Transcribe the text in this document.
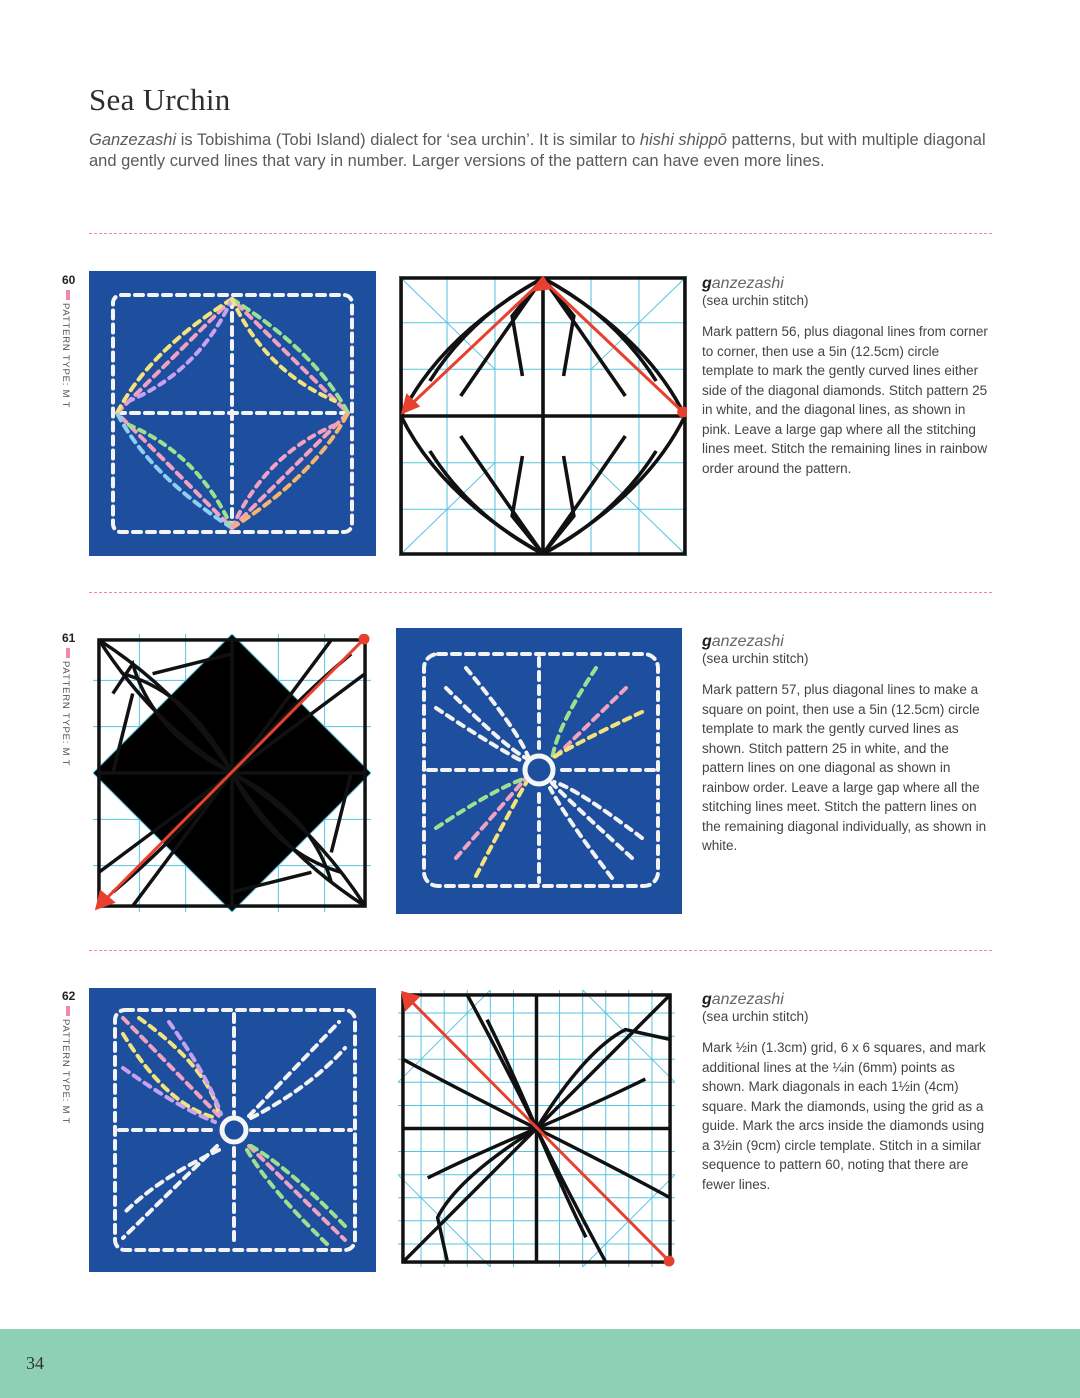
Sea Urchin

Ganzezashi is Tobishima (Tobi Island) dialect for ‘sea urchin’. It is similar to hishi shippō patterns, but with multiple diagonal and gently curved lines that vary in number. Larger versions of the pattern can have even more lines.

60
PATTERN TYPE: M T

ganzezashi

(sea urchin stitch)

Mark pattern 56, plus diagonal lines from corner to corner, then use a 5in (12.5cm) circle template to mark the gently curved lines either side of the diagonal diamonds. Stitch pattern 25 in white, and the diagonal lines, as shown in pink. Leave a large gap where all the stitching lines meet. Stitch the remaining lines in rainbow order around the pattern.

61
PATTERN TYPE: M T

ganzezashi

(sea urchin stitch)

Mark pattern 57, plus diagonal lines to make a square on point, then use a 5in (12.5cm) circle template to mark the gently curved lines as shown. Stitch pattern 25 in white, and the pattern lines on one diagonal as shown in rainbow order. Leave a large gap where all the stitching lines meet. Stitch the pattern lines on the remaining diagonal individually, as shown in white.

62
PATTERN TYPE: M T

ganzezashi

(sea urchin stitch)

Mark ½in (1.3cm) grid, 6 x 6 squares, and mark additional lines at the ¼in (6mm) points as shown. Mark diagonals in each 1½in (4cm) square. Mark the diamonds, using the grid as a guide. Mark the arcs inside the diamonds using a 3½in (9cm) circle template. Stitch in a similar sequence to pattern 60, noting that there are fewer lines.

34
